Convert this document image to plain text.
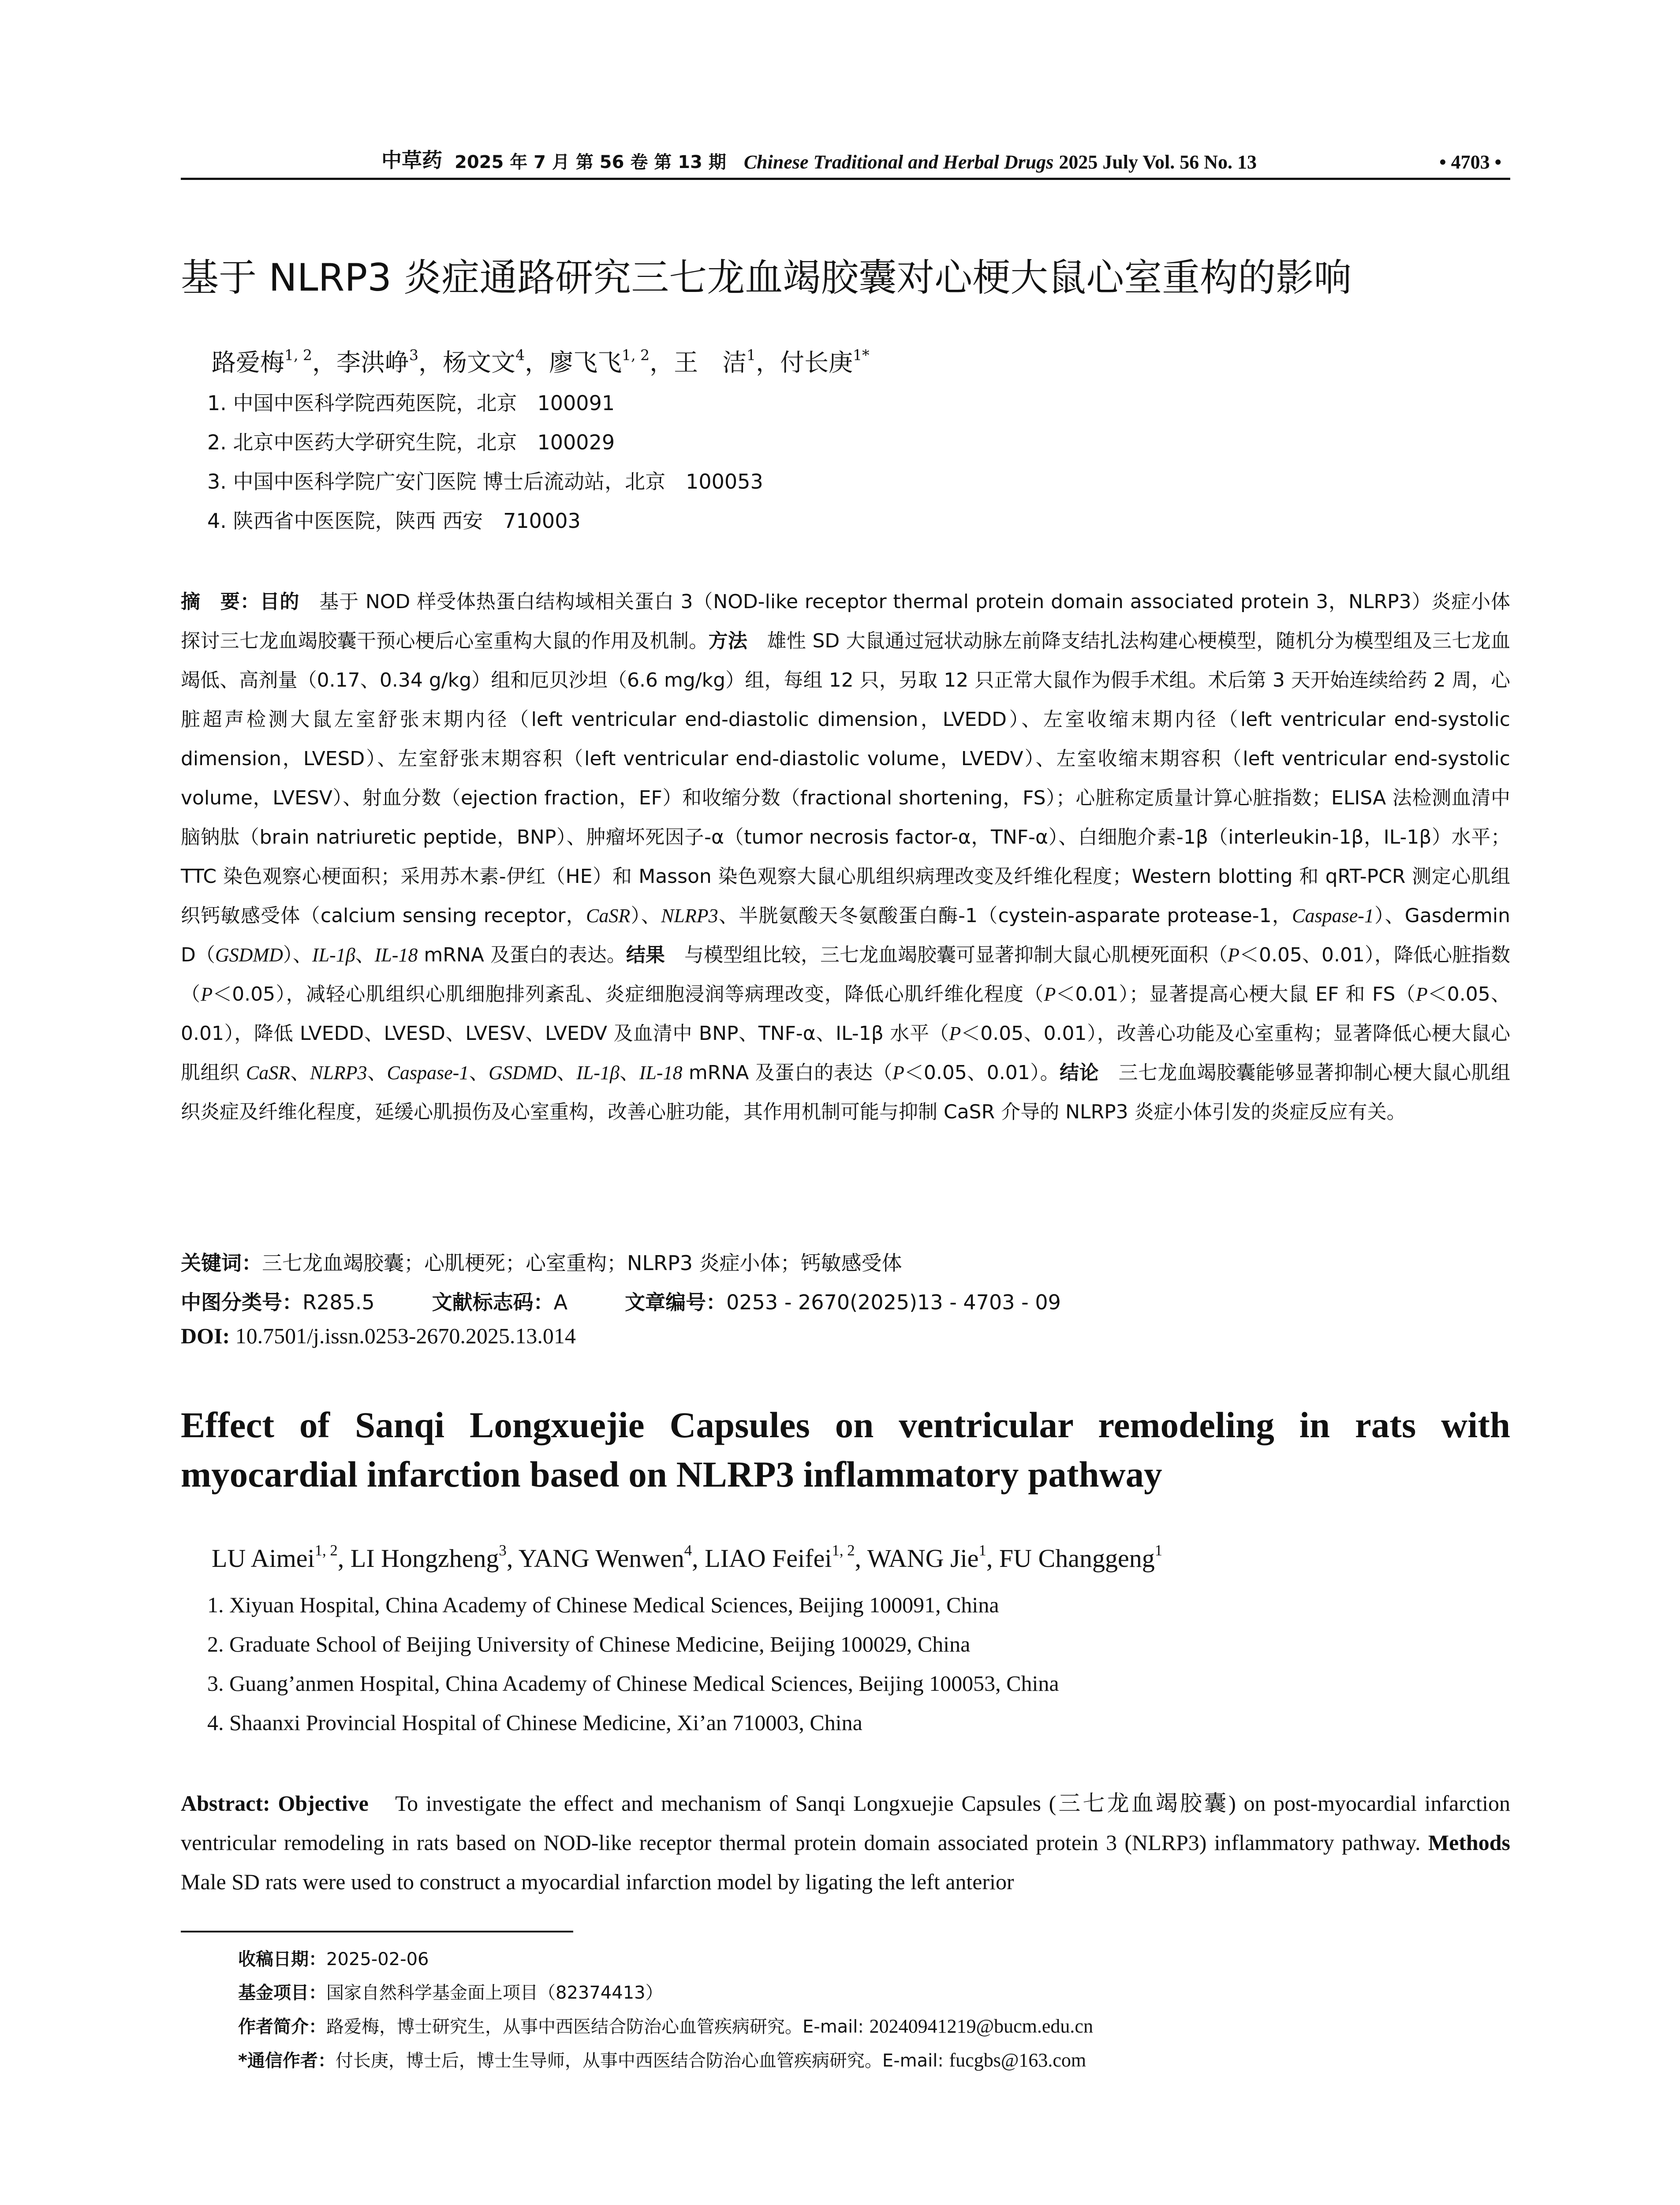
中草药 2025 年 7 月 第 56 卷 第 13 期 Chinese Traditional and Herbal Drugs 2025 July Vol. 56 No. 13	• 4703 •
基于 NLRP3 炎症通路研究三七龙血竭胶囊对心梗大鼠心室重构的影响
路爱梅$^{1, 2}$，李洪峥$^3$，杨文文$^4$，廖飞飞$^{1, 2}$，王　洁$^1$，付长庚$^{1*}$
1. 中国中医科学院西苑医院，北京　100091
2. 北京中医药大学研究生院，北京　100029
3. 中国中医科学院广安门医院 博士后流动站，北京　100053
4. 陕西省中医医院，陕西 西安　710003
摘　要：目的　 基于 NOD 样受体热蛋白结构域相关蛋白 3（NOD-like receptor thermal protein domain associated protein 3，NLRP3）炎症小体探讨三七龙血竭胶囊干预心梗后心室重构大鼠的作用及机制。方法　 雄性 SD 大鼠通过冠状动脉左前降支结扎法构建心梗模型，随机分为模型组及三七龙血竭低、高剂量（0.17、0.34 g/kg）组和厄贝沙坦（6.6 mg/kg）组，每组 12 只，另取 12 只正常大鼠作为假手术组。术后第 3 天开始连续给药 2 周，心脏超声检测大鼠左室舒张末期内径（left ventricular end-diastolic dimension，LVEDD）、左室收缩末期内径（left ventricular end-systolic dimension，LVESD）、左室舒张末期容积（left ventricular end-diastolic volume，LVEDV）、左室收缩末期容积（left ventricular end-systolic volume，LVESV）、射血分数（ejection fraction，EF）和收缩分数（fractional shortening，FS）；心脏称定质量计算心脏指数；ELISA 法检测血清中脑钠肽（brain natriuretic peptide，BNP）、肿瘤坏死因子-α（tumor necrosis factor-α，TNF-α）、白细胞介素-1β（interleukin-1β，IL-1β）水平；TTC 染色观察心梗面积；采用苏木素-伊红（HE）和 Masson 染色观察大鼠心肌组织病理改变及纤维化程度；Western blotting 和 qRT-PCR 测定心肌组织钙敏感受体（calcium sensing receptor，CaSR）、NLRP3、半胱氨酸天冬氨酸蛋白酶-1（cystein-asparate protease-1，Caspase-1）、Gasdermin D（GSDMD）、IL-1β、IL-18 mRNA 及蛋白的表达。结果　 与模型组比较，三七龙血竭胶囊可显著抑制大鼠心肌梗死面积（P＜0.05、0.01），降低心脏指数（P＜0.05），减轻心肌组织心肌细胞排列紊乱、炎症细胞浸润等病理改变，降低心肌纤维化程度（P＜0.01）；显著提高心梗大鼠 EF 和 FS（P＜0.05、0.01），降低 LVEDD、LVESD、LVESV、LVEDV 及血清中 BNP、TNF-α、IL-1β 水平（P＜0.05、0.01），改善心功能及心室重构；显著降低心梗大鼠心肌组织 CaSR、NLRP3、Caspase-1、GSDMD、IL-1β、IL-18 mRNA 及蛋白的表达（P＜0.05、0.01）。结论　 三七龙血竭胶囊能够显著抑制心梗大鼠心肌组织炎症及纤维化程度，延缓心肌损伤及心室重构，改善心脏功能，其作用机制可能与抑制 CaSR 介导的 NLRP3 炎症小体引发的炎症反应有关。
关键词：三七龙血竭胶囊；心肌梗死；心室重构；NLRP3 炎症小体；钙敏感受体
中图分类号：R285.5	文献标志码：A	文章编号：0253 - 2670(2025)13 - 4703 - 09
DOI: 10.7501/j.issn.0253-2670.2025.13.014
Effect of Sanqi Longxuejie Capsules on ventricular remodeling in rats with myocardial infarction based on NLRP3 inflammatory pathway
LU Aimei$^{1, 2}$, LI Hongzheng$^3$, YANG Wenwen$^4$, LIAO Feifei$^{1, 2}$, WANG Jie$^1$, FU Changgeng$^1$
1. Xiyuan Hospital, China Academy of Chinese Medical Sciences, Beijing 100091, China
2. Graduate School of Beijing University of Chinese Medicine, Beijing 100029, China
3. Guang’anmen Hospital, China Academy of Chinese Medical Sciences, Beijing 100053, China
4. Shaanxi Provincial Hospital of Chinese Medicine, Xi’an 710003, China
Abstract: Objective　 To investigate the effect and mechanism of Sanqi Longxuejie Capsules (三七龙血竭胶囊) on post-myocardial infarction ventricular remodeling in rats based on NOD-like receptor thermal protein domain associated protein 3 (NLRP3) inflammatory pathway. Methods　Male SD rats were used to construct a myocardial infarction model by ligating the left anterior
收稿日期：2025-02-06
基金项目：国家自然科学基金面上项目（82374413）
作者简介：路爱梅，博士研究生，从事中西医结合防治心血管疾病研究。E-mail: 20240941219@bucm.edu.cn
*通信作者：付长庚，博士后，博士生导师，从事中西医结合防治心血管疾病研究。E-mail: fucgbs@163.com
